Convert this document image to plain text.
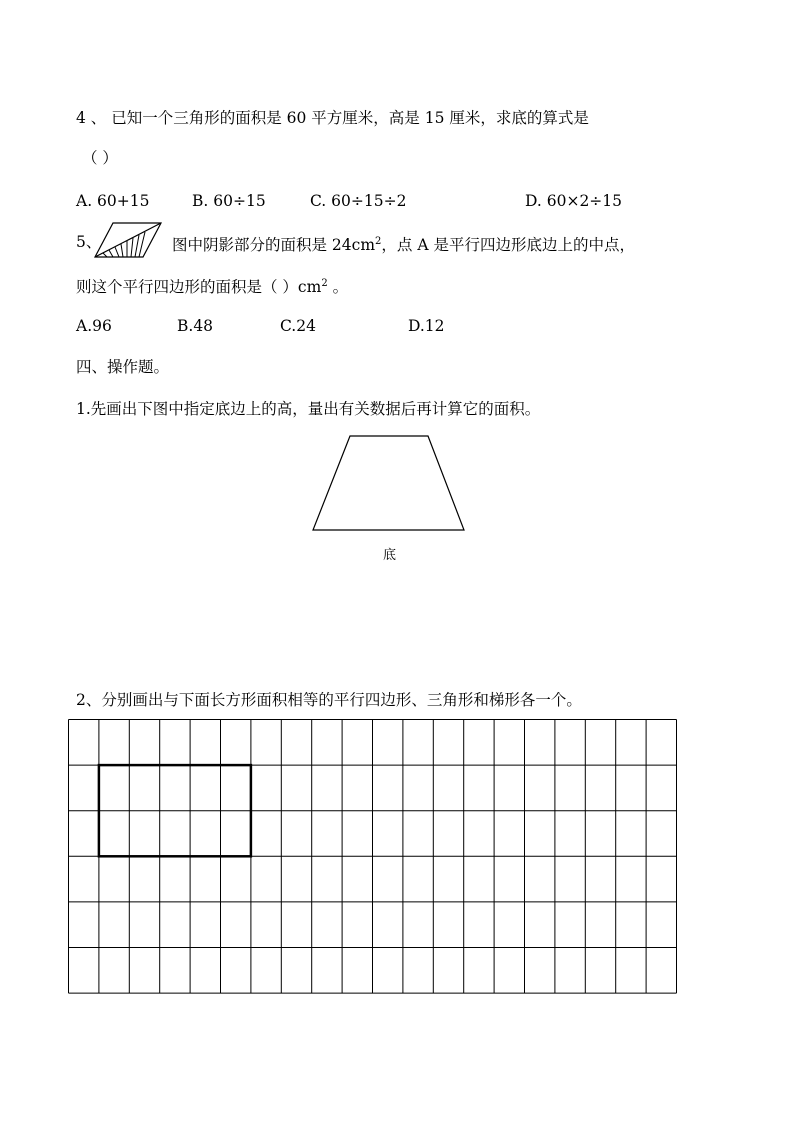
4 、 已知一个三角形的面积是 60 平方厘米，高是 15 厘米，求底的算式是
（ ）
A. 60+15	B. 60÷15	C. 60÷15÷2	D. 60×2÷15
5、	图中阴影部分的面积是 $24cm^2$，点 A 是平行四边形底边上的中点，
则这个平行四边形的面积是（ ）$cm^2$ 。
A.96	B.48	C.24	D.12
四、操作题。
1.先画出下图中指定底边上的高，量出有关数据后再计算它的面积。
底
2、分别画出与下面长方形面积相等的平行四边形、三角形和梯形各一个。
